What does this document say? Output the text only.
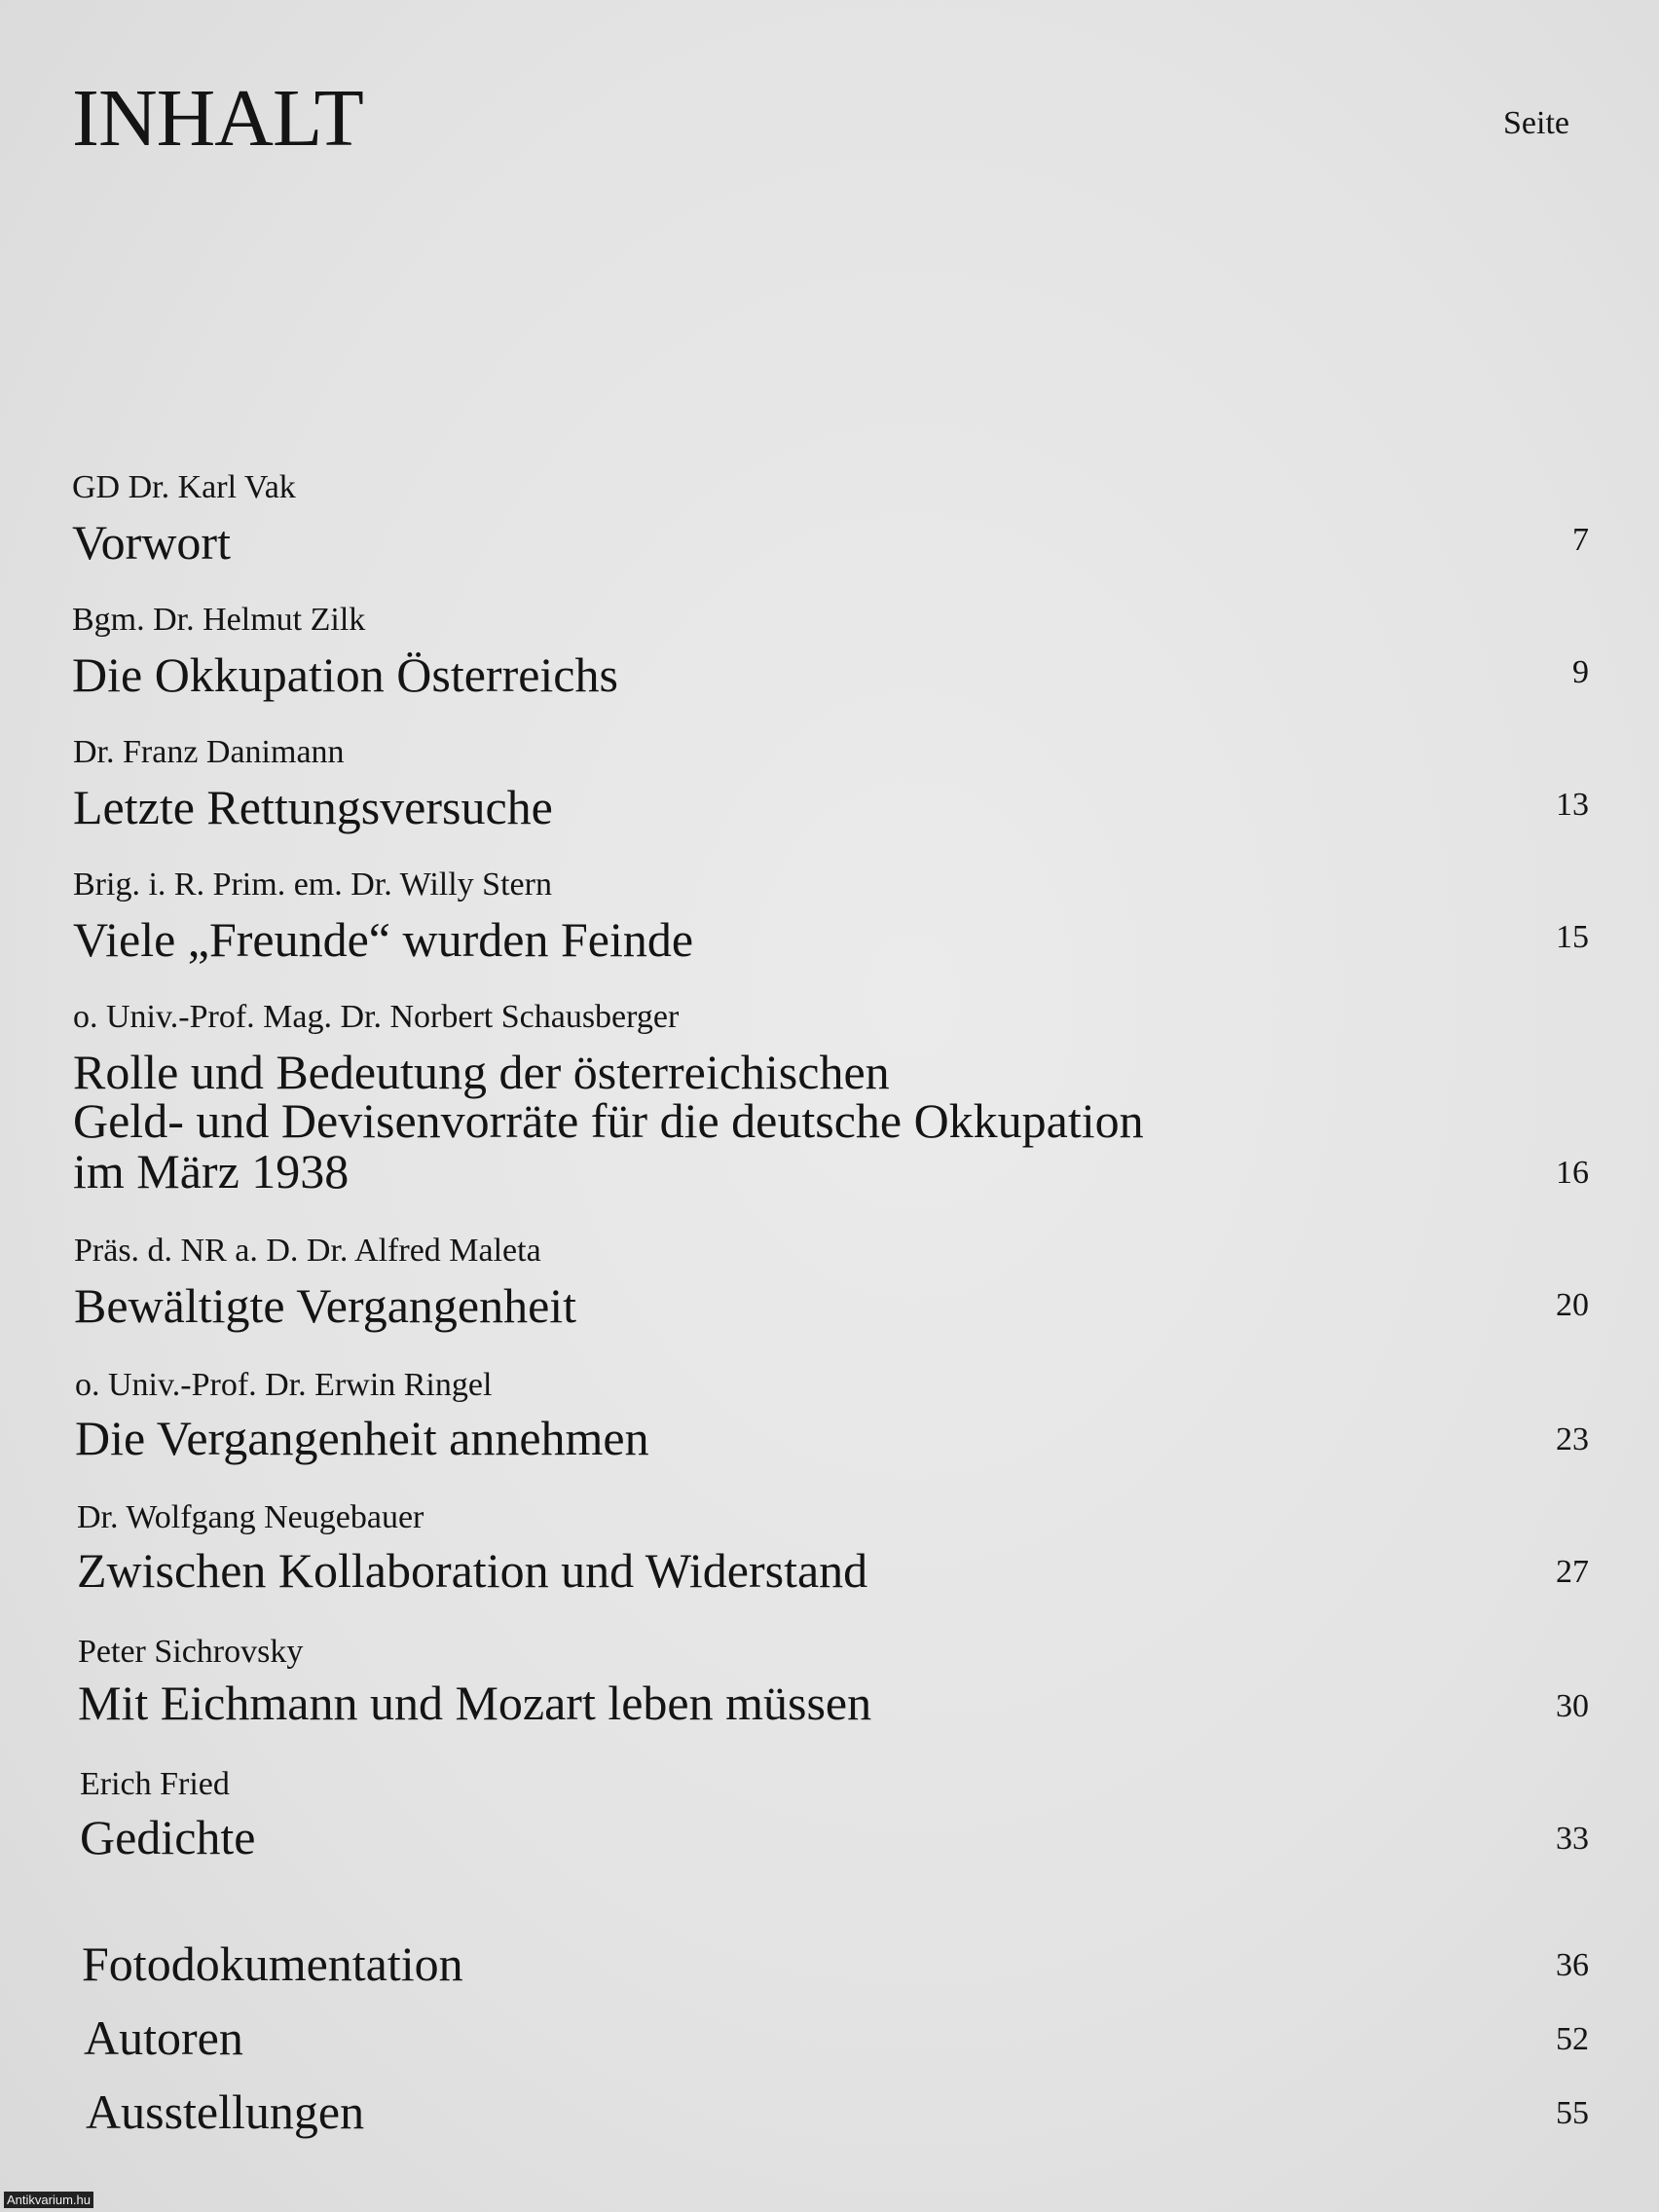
INHALT	Seite
GD Dr. Karl Vak
Vorwort	7
Bgm. Dr. Helmut Zilk
Die Okkupation Österreichs	9
Dr. Franz Danimann
Letzte Rettungsversuche	13
Brig. i. R. Prim. em. Dr. Willy Stern
Viele „Freunde“ wurden Feinde	15
o. Univ.-Prof. Mag. Dr. Norbert Schausberger
Rolle und Bedeutung der österreichischen
Geld- und Devisenvorräte für die deutsche Okkupation
im März 1938	16
Präs. d. NR a. D. Dr. Alfred Maleta
Bewältigte Vergangenheit	20
o. Univ.-Prof. Dr. Erwin Ringel
Die Vergangenheit annehmen	23
Dr. Wolfgang Neugebauer
Zwischen Kollaboration und Widerstand	27
Peter Sichrovsky
Mit Eichmann und Mozart leben müssen	30
Erich Fried
Gedichte	33
Fotodokumentation	36
Autoren	52
Ausstellungen	55
Antikvarium.hu
